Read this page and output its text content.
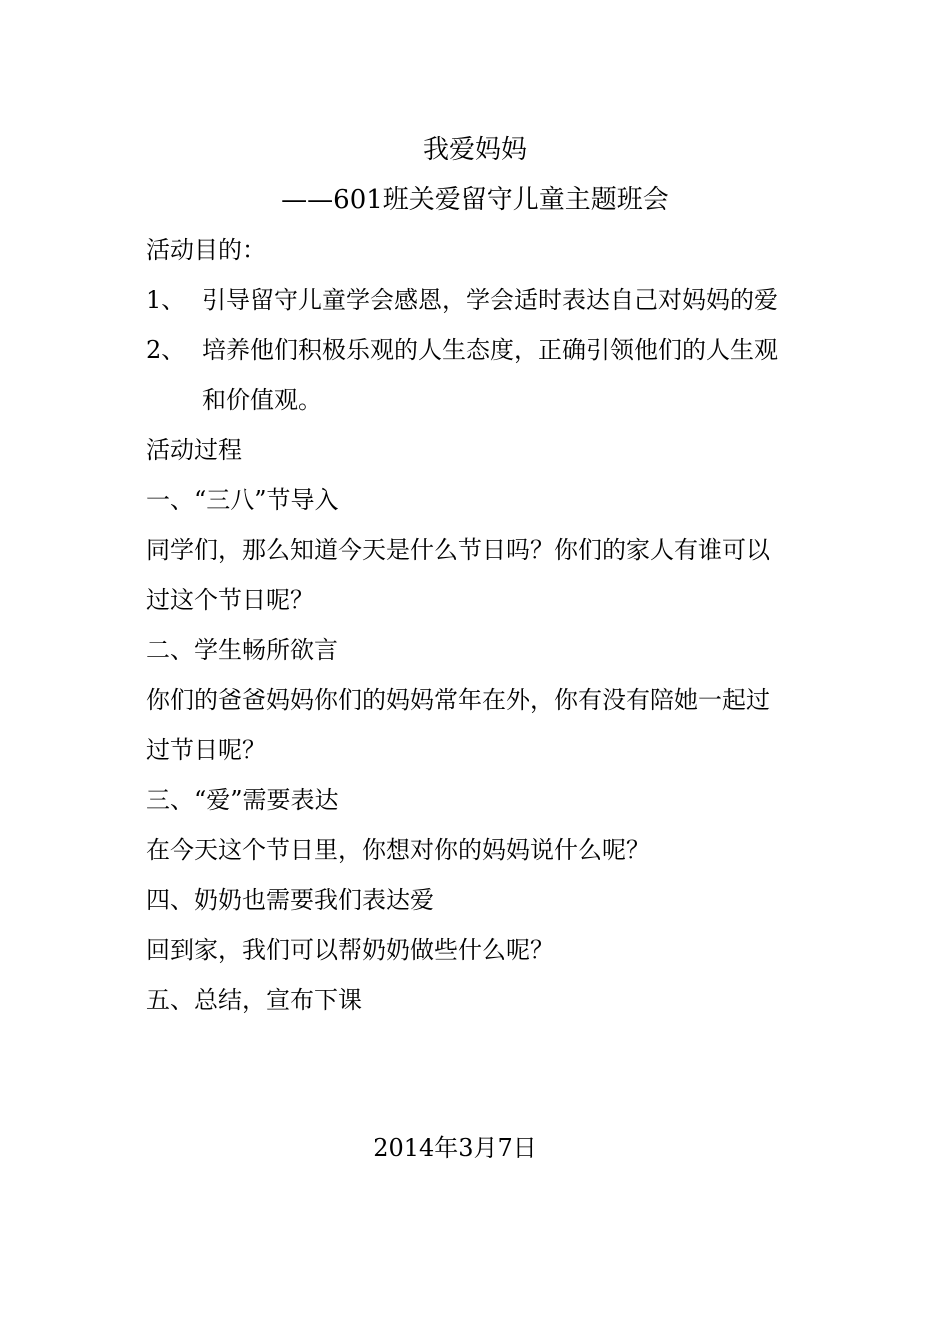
我爱妈妈
——601班关爱留守儿童主题班会
活动目的：
1、 引导留守儿童学会感恩，学会适时表达自己对妈妈的爱
2、 培养他们积极乐观的人生态度，正确引领他们的人生观
和价值观。
活动过程
一、“三八”节导入
同学们，那么知道今天是什么节日吗？你们的家人有谁可以
过这个节日呢？
二、学生畅所欲言
你们的爸爸妈妈你们的妈妈常年在外，你有没有陪她一起过
过节日呢？
三、“爱”需要表达
在今天这个节日里，你想对你的妈妈说什么呢？
四、奶奶也需要我们表达爱
回到家，我们可以帮奶奶做些什么呢？
五、总结，宣布下课
2014年3月7日
